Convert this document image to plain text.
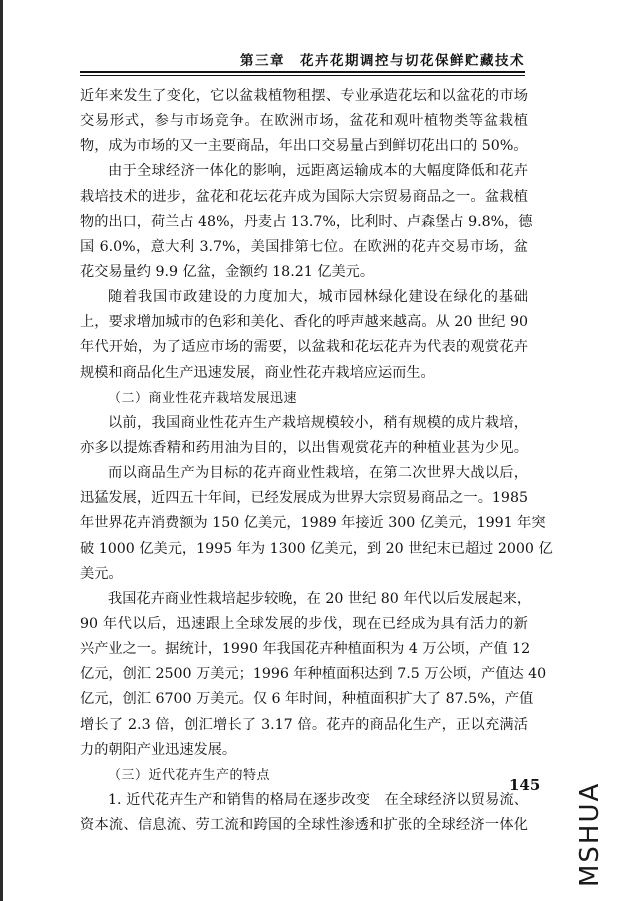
第三章　花卉花期调控与切花保鲜贮藏技术
近年来发生了变化，它以盆栽植物租摆、专业承造花坛和以盆花的市场
交易形式，参与市场竞争。在欧洲市场，盆花和观叶植物类等盆栽植
物，成为市场的又一主要商品，年出口交易量占到鲜切花出口的 50%。
由于全球经济一体化的影响，远距离运输成本的大幅度降低和花卉
栽培技术的进步，盆花和花坛花卉成为国际大宗贸易商品之一。盆栽植
物的出口，荷兰占 48%，丹麦占 13.7%，比利时、卢森堡占 9.8%，德
国 6.0%，意大利 3.7%，美国排第七位。在欧洲的花卉交易市场，盆
花交易量约 9.9 亿盆，金额约 18.21 亿美元。
随着我国市政建设的力度加大，城市园林绿化建设在绿化的基础
上，要求增加城市的色彩和美化、香化的呼声越来越高。从 20 世纪 90
年代开始，为了适应市场的需要，以盆栽和花坛花卉为代表的观赏花卉
规模和商品化生产迅速发展，商业性花卉栽培应运而生。
（二）商业性花卉栽培发展迅速
以前，我国商业性花卉生产栽培规模较小，稍有规模的成片栽培，
亦多以提炼香精和药用油为目的，以出售观赏花卉的种植业甚为少见。
而以商品生产为目标的花卉商业性栽培，在第二次世界大战以后，
迅猛发展，近四五十年间，已经发展成为世界大宗贸易商品之一。1985
年世界花卉消费额为 150 亿美元，1989 年接近 300 亿美元，1991 年突
破 1000 亿美元，1995 年为 1300 亿美元，到 20 世纪末已超过 2000 亿
美元。
我国花卉商业性栽培起步较晚，在 20 世纪 80 年代以后发展起来，
90 年代以后，迅速跟上全球发展的步伐，现在已经成为具有活力的新
兴产业之一。据统计，1990 年我国花卉种植面积为 4 万公顷，产值 12
亿元，创汇 2500 万美元；1996 年种植面积达到 7.5 万公顷，产值达 40
亿元，创汇 6700 万美元。仅 6 年时间，种植面积扩大了 87.5%，产值
增长了 2.3 倍，创汇增长了 3.17 倍。花卉的商品化生产，正以充满活
力的朝阳产业迅速发展。
（三）近代花卉生产的特点
1. 近代花卉生产和销售的格局在逐步改变　在全球经济以贸易流、
资本流、信息流、劳工流和跨国的全球性渗透和扩张的全球经济一体化
145 MSHUA
